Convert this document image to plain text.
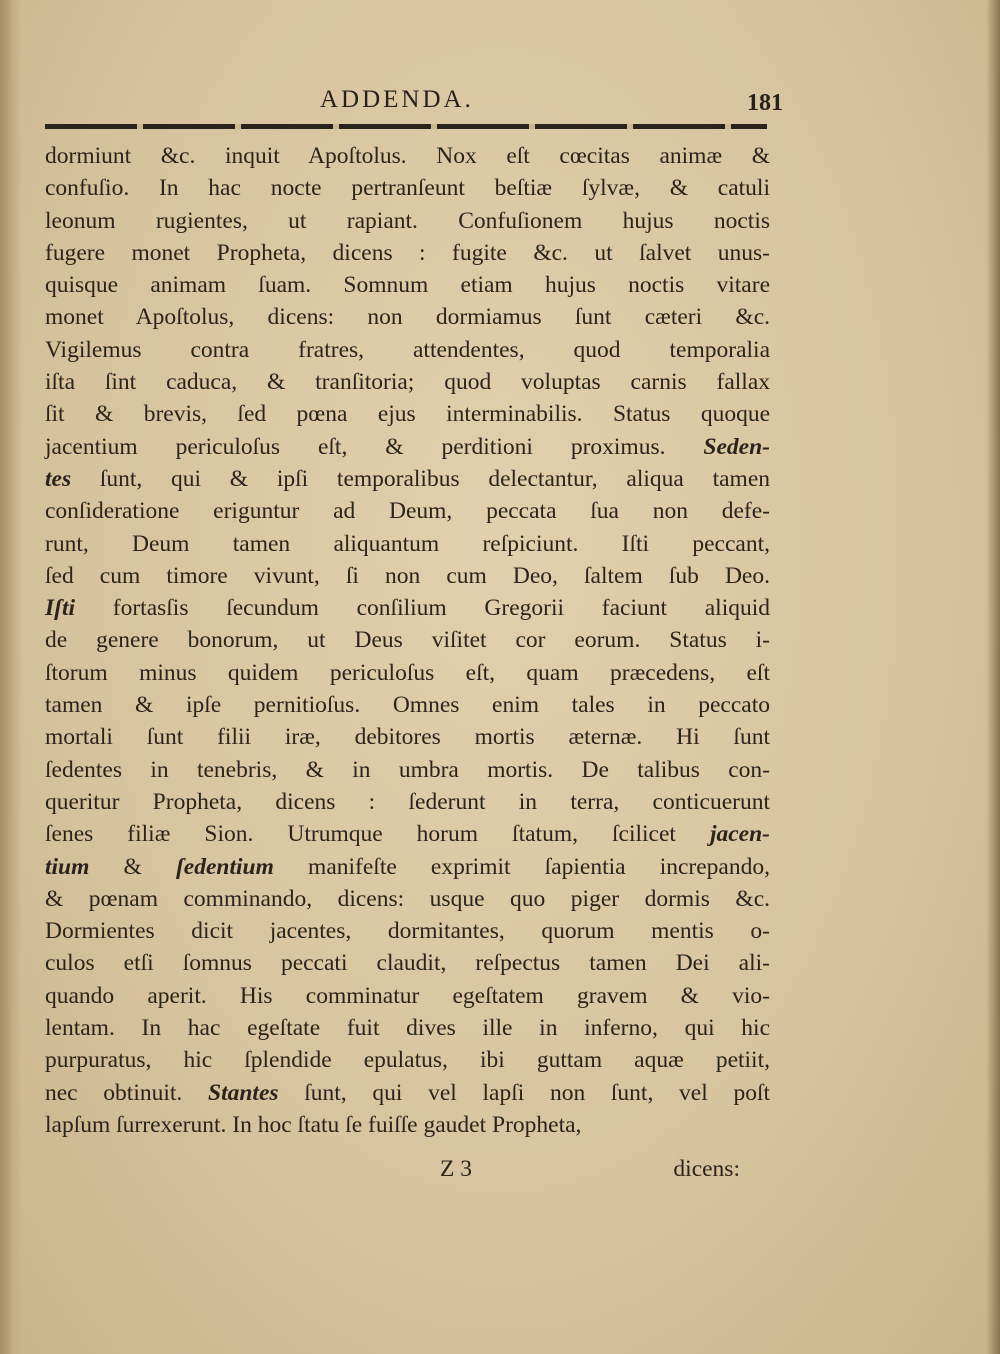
ADDENDA.	181
dormiunt &c. inquit Apoſtolus. Nox eſt cœcitas animæ &
confuſio. In hac nocte pertranſeunt beſtiæ ſylvæ, & catuli
leonum rugientes, ut rapiant. Confuſionem hujus noctis
fugere monet Propheta, dicens : fugite &c. ut ſalvet unus-
quisque animam ſuam. Somnum etiam hujus noctis vitare
monet Apoſtolus, dicens: non dormiamus ſunt cæteri &c.
Vigilemus contra fratres, attendentes, quod temporalia
iſta ſint caduca, & tranſitoria; quod voluptas carnis fallax
ſit & brevis, ſed pœna ejus interminabilis. Status quoque
jacentium periculoſus eſt, & perditioni proximus. Seden-
tes ſunt, qui & ipſi temporalibus delectantur, aliqua tamen
conſideratione eriguntur ad Deum, peccata ſua non defe-
runt, Deum tamen aliquantum reſpiciunt. Iſti peccant,
ſed cum timore vivunt, ſi non cum Deo, ſaltem ſub Deo.
Iſti fortasſis ſecundum conſilium Gregorii faciunt aliquid
de genere bonorum, ut Deus viſitet cor eorum. Status i-
ſtorum minus quidem periculoſus eſt, quam præcedens, eſt
tamen & ipſe pernitioſus. Omnes enim tales in peccato
mortali ſunt filii iræ, debitores mortis æternæ. Hi ſunt
ſedentes in tenebris, & in umbra mortis. De talibus con-
queritur Propheta, dicens : ſederunt in terra, conticuerunt
ſenes filiæ Sion. Utrumque horum ſtatum, ſcilicet jacen-
tium & ſedentium manifeſte exprimit ſapientia increpando,
& pœnam comminando, dicens: usque quo piger dormis &c.
Dormientes dicit jacentes, dormitantes, quorum mentis o-
culos etſi ſomnus peccati claudit, reſpectus tamen Dei ali-
quando aperit. His comminatur egeſtatem gravem & vio-
lentam. In hac egeſtate fuit dives ille in inferno, qui hic
purpuratus, hic ſplendide epulatus, ibi guttam aquæ petiit,
nec obtinuit. Stantes ſunt, qui vel lapſi non ſunt, vel poſt
lapſum ſurrexerunt. In hoc ſtatu ſe fuiſſe gaudet Propheta,
Z 3	dicens:
